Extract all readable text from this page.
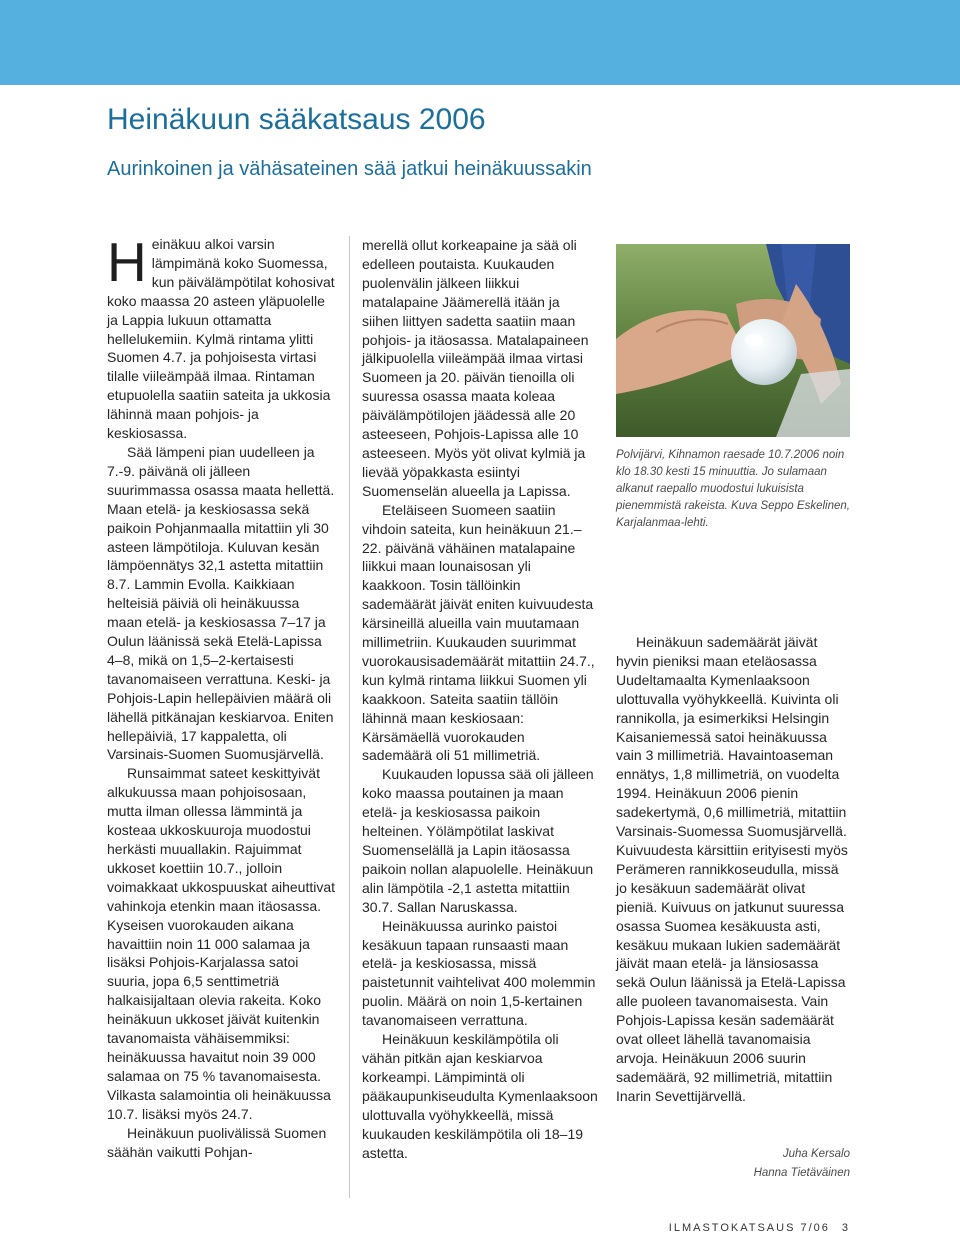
Heinäkuun sääkatsaus 2006
Aurinkoinen ja vähäsateinen sää jatkui heinäkuussakin

Heinäkuu alkoi varsin lämpimänä koko Suomessa, kun päivälämpötilat kohosivat koko maassa 20 asteen yläpuolelle ja Lappia lukuun ottamatta hellelukemiin. Kylmä rintama ylitti Suomen 4.7. ja pohjoisesta virtasi tilalle viileämpää ilmaa. Rintaman etupuolella saatiin sateita ja ukkosia lähinnä maan pohjois- ja keskiosassa.

Sää lämpeni pian uudelleen ja 7.-9. päivänä oli jälleen suurimmassa osassa maata hellettä. Maan etelä- ja keskiosassa sekä paikoin Pohjanmaalla mitattiin yli 30 asteen lämpötiloja. Kuluvan kesän lämpöennätys 32,1 astetta mitattiin 8.7. Lammin Evolla. Kaikkiaan helteisiä päiviä oli heinäkuussa maan etelä- ja keskiosassa 7–17 ja Oulun läänissä sekä Etelä-Lapissa 4–8, mikä on 1,5–2-kertaisesti tavanomaiseen verrattuna. Keski- ja Pohjois-Lapin hellepäivien määrä oli lähellä pitkänajan keskiarvoa. Eniten hellepäiviä, 17 kappaletta, oli Varsinais-Suomen Suomusjärvellä.

Runsaimmat sateet keskittyivät alkukuussa maan pohjoisosaan, mutta ilman ollessa lämmintä ja kosteaa ukkoskuuroja muodostui herkästi muuallakin. Rajuimmat ukkoset koettiin 10.7., jolloin voimakkaat ukkospuuskat aiheuttivat vahinkoja etenkin maan itäosassa. Kyseisen vuorokauden aikana havaittiin noin 11 000 salamaa ja lisäksi Pohjois-Karjalassa satoi suuria, jopa 6,5 senttimetriä halkaisijaltaan olevia rakeita. Koko heinäkuun ukkoset jäivät kuitenkin tavanomaista vähäisemmiksi: heinäkuussa havaitut noin 39 000 salamaa on 75 % tavanomaisesta. Vilkasta salamointia oli heinäkuussa 10.7. lisäksi myös 24.7.

Heinäkuun puolivälissä Suomen säähän vaikutti Pohjan-

merellä ollut korkeapaine ja sää oli edelleen poutaista. Kuukauden puolenvälin jälkeen liikkui matalapaine Jäämerellä itään ja siihen liittyen sadetta saatiin maan pohjois- ja itäosassa. Matalapaineen jälkipuolella viileämpää ilmaa virtasi Suomeen ja 20. päivän tienoilla oli suuressa osassa maata koleaa päivälämpötilojen jäädessä alle 20 asteeseen, Pohjois-Lapissa alle 10 asteeseen. Myös yöt olivat kylmiä ja lievää yöpakkasta esiintyi Suomenselän alueella ja Lapissa.

Eteläiseen Suomeen saatiin vihdoin sateita, kun heinäkuun 21.–22. päivänä vähäinen matalapaine liikkui maan lounaisosan yli kaakkoon. Tosin tällöinkin sademäärät jäivät eniten kuivuudesta kärsineillä alueilla vain muutamaan millimetriin. Kuukauden suurimmat vuorokausisademäärät mitattiin 24.7., kun kylmä rintama liikkui Suomen yli kaakkoon. Sateita saatiin tällöin lähinnä maan keskiosaan: Kärsämäellä vuorokauden sademäärä oli 51 millimetriä.

Kuukauden lopussa sää oli jälleen koko maassa poutainen ja maan etelä- ja keskiosassa paikoin helteinen. Yölämpötilat laskivat Suomenselällä ja Lapin itäosassa paikoin nollan alapuolelle. Heinäkuun alin lämpötila -2,1 astetta mitattiin 30.7. Sallan Naruskassa.

Heinäkuussa aurinko paistoi kesäkuun tapaan runsaasti maan etelä- ja keskiosassa, missä paistetunnit vaihtelivat 400 molemmin puolin. Määrä on noin 1,5-kertainen tavanomaiseen verrattuna.

Heinäkuun keskilämpötila oli vähän pitkän ajan keskiarvoa korkeampi. Lämpimintä oli pääkaupunkiseudulta Kymenlaaksoon ulottuvalla vyöhykkeellä, missä kuukauden keskilämpötila oli 18–19 astetta.

Polvijärvi, Kihnamon raesade 10.7.2006 noin klo 18.30 kesti 15 minuuttia. Jo sulamaan alkanut raepallo muodostui lukuisista pienemmistä rakeista. Kuva Seppo Eskelinen, Karjalanmaa-lehti.

Heinäkuun sademäärät jäivät hyvin pieniksi maan eteläosassa Uudeltamaalta Kymenlaaksoon ulottuvalla vyöhykkeellä. Kuivinta oli rannikolla, ja esimerkiksi Helsingin Kaisaniemessä satoi heinäkuussa vain 3 millimetriä. Havaintoaseman ennätys, 1,8 millimetriä, on vuodelta 1994. Heinäkuun 2006 pienin sadekertymä, 0,6 millimetriä, mitattiin Varsinais-Suomessa Suomusjärvellä. Kuivuudesta kärsittiin erityisesti myös Perämeren rannikkoseudulla, missä jo kesäkuun sademäärät olivat pieniä. Kuivuus on jatkunut suuressa osassa Suomea kesäkuusta asti, kesäkuu mukaan lukien sademäärät jäivät maan etelä- ja länsiosassa sekä Oulun läänissä ja Etelä-Lapissa alle puoleen tavanomaisesta. Vain Pohjois-Lapissa kesän sademäärät ovat olleet lähellä tavanomaisia arvoja. Heinäkuun 2006 suurin sademäärä, 92 millimetriä, mitattiin Inarin Sevettijärvellä.

Juha Kersalo
Hanna Tietäväinen
ILMASTOKATSAUS 7/06 3
